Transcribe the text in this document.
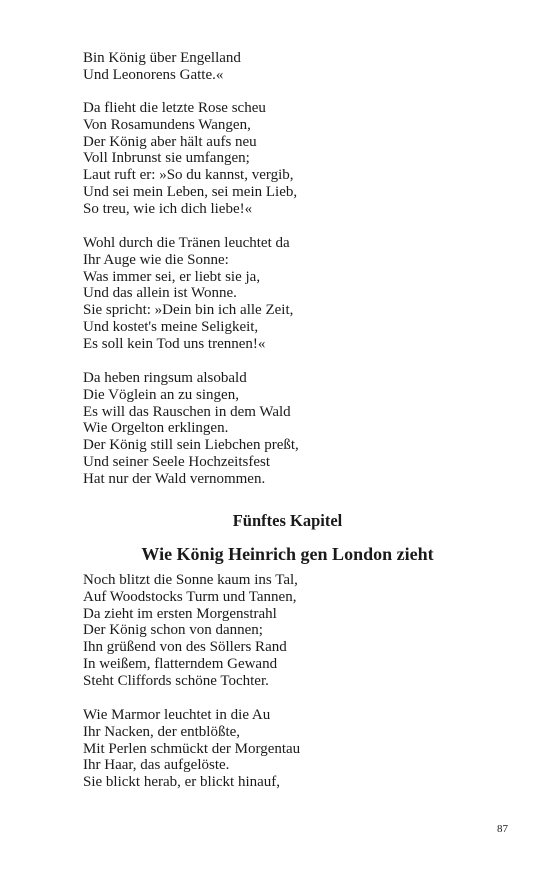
Bin König über Engelland
Und Leonorens Gatte.«
Da flieht die letzte Rose scheu
Von Rosamundens Wangen,
Der König aber hält aufs neu
Voll Inbrunst sie umfangen;
Laut ruft er: »So du kannst, vergib,
Und sei mein Leben, sei mein Lieb,
So treu, wie ich dich liebe!«
Wohl durch die Tränen leuchtet da
Ihr Auge wie die Sonne:
Was immer sei, er liebt sie ja,
Und das allein ist Wonne.
Sie spricht: »Dein bin ich alle Zeit,
Und kostet's meine Seligkeit,
Es soll kein Tod uns trennen!«
Da heben ringsum alsobald
Die Vöglein an zu singen,
Es will das Rauschen in dem Wald
Wie Orgelton erklingen.
Der König still sein Liebchen preßt,
Und seiner Seele Hochzeitsfest
Hat nur der Wald vernommen.
Fünftes Kapitel
Wie König Heinrich gen London zieht
Noch blitzt die Sonne kaum ins Tal,
Auf Woodstocks Turm und Tannen,
Da zieht im ersten Morgenstrahl
Der König schon von dannen;
Ihn grüßend von des Söllers Rand
In weißem, flatterndem Gewand
Steht Cliffords schöne Tochter.
Wie Marmor leuchtet in die Au
Ihr Nacken, der entblößte,
Mit Perlen schmückt der Morgentau
Ihr Haar, das aufgelöste.
Sie blickt herab, er blickt hinauf,
87
